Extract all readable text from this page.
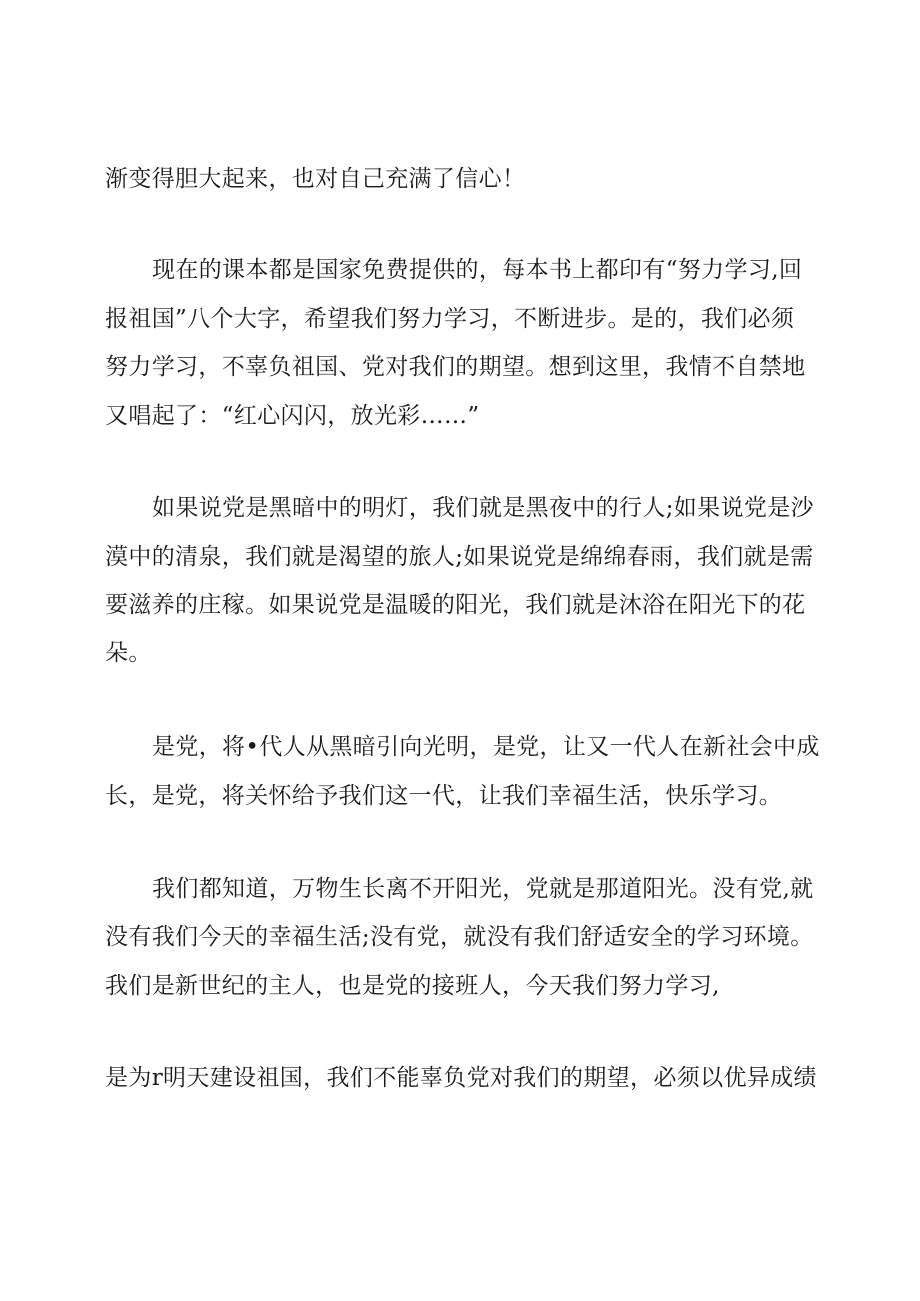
渐变得胆大起来，也对自己充满了信心！
现在的课本都是国家免费提供的，每本书上都印有“努力学习,回
报祖国”八个大字，希望我们努力学习，不断进步。是的，我们必须
努力学习，不辜负祖国、党对我们的期望。想到这里，我情不自禁地
又唱起了：“红心闪闪，放光彩……”
如果说党是黑暗中的明灯，我们就是黑夜中的行人;如果说党是沙
漠中的清泉，我们就是渴望的旅人;如果说党是绵绵春雨，我们就是需
要滋养的庄稼。如果说党是温暖的阳光，我们就是沐浴在阳光下的花
朵。
是党，将•代人从黑暗引向光明，是党，让又一代人在新社会中成
长，是党，将关怀给予我们这一代，让我们幸福生活，快乐学习。
我们都知道，万物生长离不开阳光，党就是那道阳光。没有党,就
没有我们今天的幸福生活;没有党，就没有我们舒适安全的学习环境。
我们是新世纪的主人，也是党的接班人，今天我们努力学习,
是为r明天建设祖国，我们不能辜负党对我们的期望，必须以优异成绩
